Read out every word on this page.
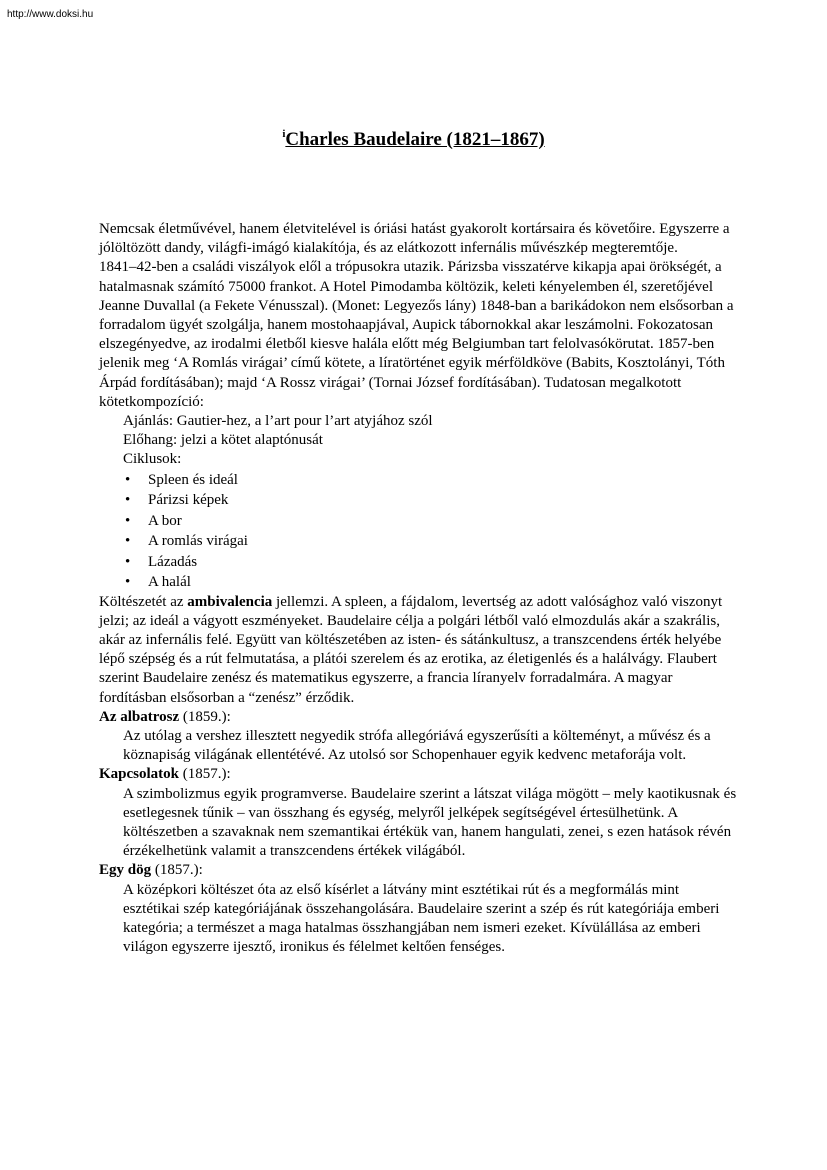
http://www.doksi.hu
$^i$Charles Baudelaire (1821–1867)

Nemcsak életművével, hanem életvitelével is óriási hatást gyakorolt kortársaira és követőire. Egyszerre a jólöltözött dandy, világfi-imágó kialakítója, és az elátkozott infernális művészkép megteremtője.

1841–42-ben a családi viszályok elől a trópusokra utazik. Párizsba visszatérve kikapja apai örökségét, a hatalmasnak számító 75000 frankot. A Hotel Pimodamba költözik, keleti kényelemben él, szeretőjével Jeanne Duvallal (a Fekete Vénusszal). (Monet: Legyezős lány) 1848-ban a barikádokon nem elsősorban a forradalom ügyét szolgálja, hanem mostohaapjával, Aupick tábornokkal akar leszámolni. Fokozatosan elszegényedve, az irodalmi életből kiesve halála előtt még Belgiumban tart felolvasókörutat. 1857-ben jelenik meg ‘A Romlás virágai’ című kötete, a líratörténet egyik mérföldköve (Babits, Kosztolányi, Tóth Árpád fordításában); majd ‘A Rossz virágai’ (Tornai József fordításában). Tudatosan megalkotott kötetkompozíció:

Ajánlás: Gautier-hez, a l’art pour l’art atyjához szól

Előhang: jelzi a kötet alaptónusát

Ciklusok:

• Spleen és ideál
• Párizsi képek
• A bor
• A romlás virágai
• Lázadás
• A halál

Költészetét az ambivalencia jellemzi. A spleen, a fájdalom, levertség az adott valósághoz való viszonyt jelzi; az ideál a vágyott eszményeket. Baudelaire célja a polgári létből való elmozdulás akár a szakrális, akár az infernális felé. Együtt van költészetében az isten- és sátánkultusz, a transzcendens érték helyébe lépő szépség és a rút felmutatása, a plátói szerelem és az erotika, az életigenlés és a halálvágy. Flaubert szerint Baudelaire zenész és matematikus egyszerre, a francia líranyelv forradalmára. A magyar fordításban elsősorban a “zenész” érződik.

Az albatrosz (1859.):

Az utólag a vershez illesztett negyedik strófa allegóriává egyszerűsíti a költeményt, a művész és a köznapiság világának ellentétévé. Az utolsó sor Schopenhauer egyik kedvenc metaforája volt.

Kapcsolatok (1857.):

A szimbolizmus egyik programverse. Baudelaire szerint a látszat világa mögött – mely kaotikusnak és esetlegesnek tűnik – van összhang és egység, melyről jelképek segítségével értesülhetünk. A költészetben a szavaknak nem szemantikai értékük van, hanem hangulati, zenei, s ezen hatások révén érzékelhetünk valamit a transzcendens értékek világából.

Egy dög (1857.):

A középkori költészet óta az első kísérlet a látvány mint esztétikai rút és a megformálás mint esztétikai szép kategóriájának összehangolására. Baudelaire szerint a szép és rút kategóriája emberi kategória; a természet a maga hatalmas összhangjában nem ismeri ezeket. Kívülállása az emberi világon egyszerre ijesztő, ironikus és félelmet keltően fenséges.
